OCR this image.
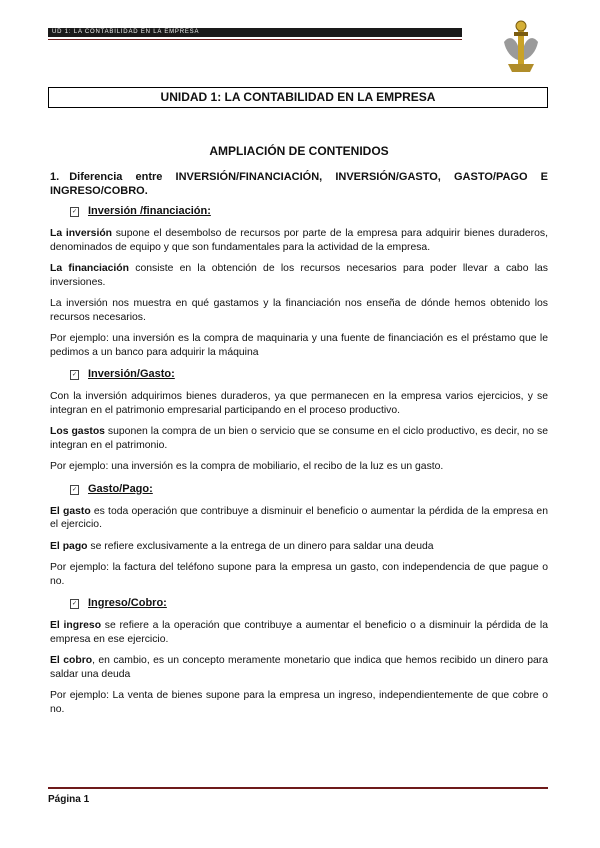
UD 1: LA CONTABILIDAD EN LA EMPRESA
UNIDAD 1: LA CONTABILIDAD EN LA EMPRESA
AMPLIACIÓN DE CONTENIDOS
1. Diferencia entre INVERSIÓN/FINANCIACIÓN, INVERSIÓN/GASTO, GASTO/PAGO E INGRESO/COBRO.
✓ Inversión /financiación:

La inversión supone el desembolso de recursos por parte de la empresa para adquirir bienes duraderos, denominados de equipo y que son fundamentales para la actividad de la empresa.

La financiación consiste en la obtención de los recursos necesarios para poder llevar a cabo las inversiones.

La inversión nos muestra en qué gastamos y la financiación nos enseña de dónde hemos obtenido los recursos necesarios.

Por ejemplo: una inversión es la compra de maquinaria y una fuente de financiación es el préstamo que le pedimos a un banco para adquirir la máquina

✓ Inversión/Gasto:

Con la inversión adquirimos bienes duraderos, ya que permanecen en la empresa varios ejercicios, y se integran en el patrimonio empresarial participando en el proceso productivo.

Los gastos suponen la compra de un bien o servicio que se consume en el ciclo productivo, es decir, no se integran en el patrimonio.

Por ejemplo: una inversión es la compra de mobiliario, el recibo de la luz es un gasto.

✓ Gasto/Pago:

El gasto es toda operación que contribuye a disminuir el beneficio o aumentar la pérdida de la empresa en el ejercicio.

El pago se refiere exclusivamente a la entrega de un dinero para saldar una deuda

Por ejemplo: la factura del teléfono supone para la empresa un gasto, con independencia de que pague o no.

✓ Ingreso/Cobro:

El ingreso se refiere a la operación que contribuye a aumentar el beneficio o a disminuir la pérdida de la empresa en ese ejercicio.

El cobro, en cambio, es un concepto meramente monetario que indica que hemos recibido un dinero para saldar una deuda

Por ejemplo: La venta de bienes supone para la empresa un ingreso, independientemente de que cobre o no.

Página 1
